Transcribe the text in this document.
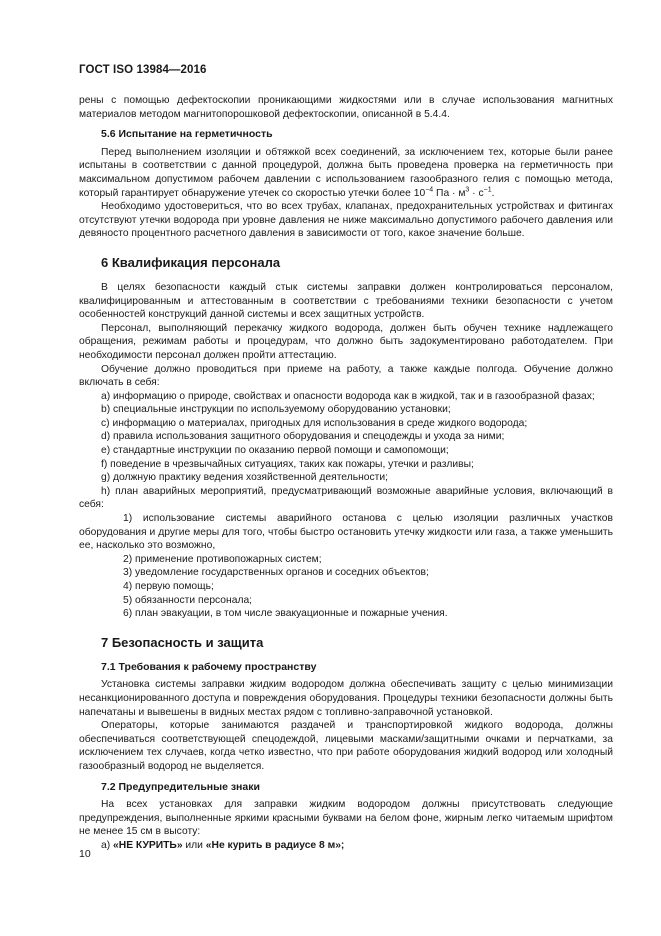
ГОСТ ISO 13984—2016

рены с помощью дефектоскопии проникающими жидкостями или в случае использования магнитных материалов методом магнитопорошковой дефектоскопии, описанной в 5.4.4.

5.6 Испытание на герметичность

Перед выполнением изоляции и обтяжкой всех соединений, за исключением тех, которые были ранее испытаны в соответствии с данной процедурой, должна быть проведена проверка на герметичность при максимальном допустимом рабочем давлении с использованием газообразного гелия с помощью метода, который гарантирует обнаружение утечек со скоростью утечки более $10^{-4}$ Па · $м^3 \cdot с^{-1}$.

Необходимо удостовериться, что во всех трубах, клапанах, предохранительных устройствах и фитингах отсутствуют утечки водорода при уровне давления не ниже максимально допустимого рабочего давления или девяносто процентного расчетного давления в зависимости от того, какое значение больше.

6 Квалификация персонала

В целях безопасности каждый стык системы заправки должен контролироваться персоналом, квалифицированным и аттестованным в соответствии с требованиями техники безопасности с учетом особенностей конструкций данной системы и всех защитных устройств.

Персонал, выполняющий перекачку жидкого водорода, должен быть обучен технике надлежащего обращения, режимам работы и процедурам, что должно быть задокументировано работодателем. При необходимости персонал должен пройти аттестацию.

Обучение должно проводиться при приеме на работу, а также каждые полгода. Обучение должно включать в себя:

a) информацию о природе, свойствах и опасности водорода как в жидкой, так и в газообразной фазах;

b) специальные инструкции по используемому оборудованию установки;

c) информацию о материалах, пригодных для использования в среде жидкого водорода;

d) правила использования защитного оборудования и спецодежды и ухода за ними;

e) стандартные инструкции по оказанию первой помощи и самопомощи;

f) поведение в чрезвычайных ситуациях, таких как пожары, утечки и разливы;

g) должную практику ведения хозяйственной деятельности;

h) план аварийных мероприятий, предусматривающий возможные аварийные условия, включающий в себя:

1) использование системы аварийного останова с целью изоляции различных участков оборудования и другие меры для того, чтобы быстро остановить утечку жидкости или газа, а также уменьшить ее, насколько это возможно,

2) применение противопожарных систем;

3) уведомление государственных органов и соседних объектов;

4) первую помощь;

5) обязанности персонала;

6) план эвакуации, в том числе эвакуационные и пожарные учения.

7 Безопасность и защита
7.1 Требования к рабочему пространству

Установка системы заправки жидким водородом должна обеспечивать защиту с целью минимизации несанкционированного доступа и повреждения оборудования. Процедуры техники безопасности должны быть напечатаны и вывешены в видных местах рядом с топливно-заправочной установкой.

Операторы, которые занимаются раздачей и транспортировкой жидкого водорода, должны обеспечиваться соответствующей спецодеждой, лицевыми масками/защитными очками и перчатками, за исключением тех случаев, когда четко известно, что при работе оборудования жидкий водород или холодный газообразный водород не выделяется.

7.2 Предупредительные знаки

На всех установках для заправки жидким водородом должны присутствовать следующие предупреждения, выполненные яркими красными буквами на белом фоне, жирным легко читаемым шрифтом не менее 15 см в высоту:

a) «НЕ КУРИТЬ» или «Не курить в радиусе 8 м»;

10
